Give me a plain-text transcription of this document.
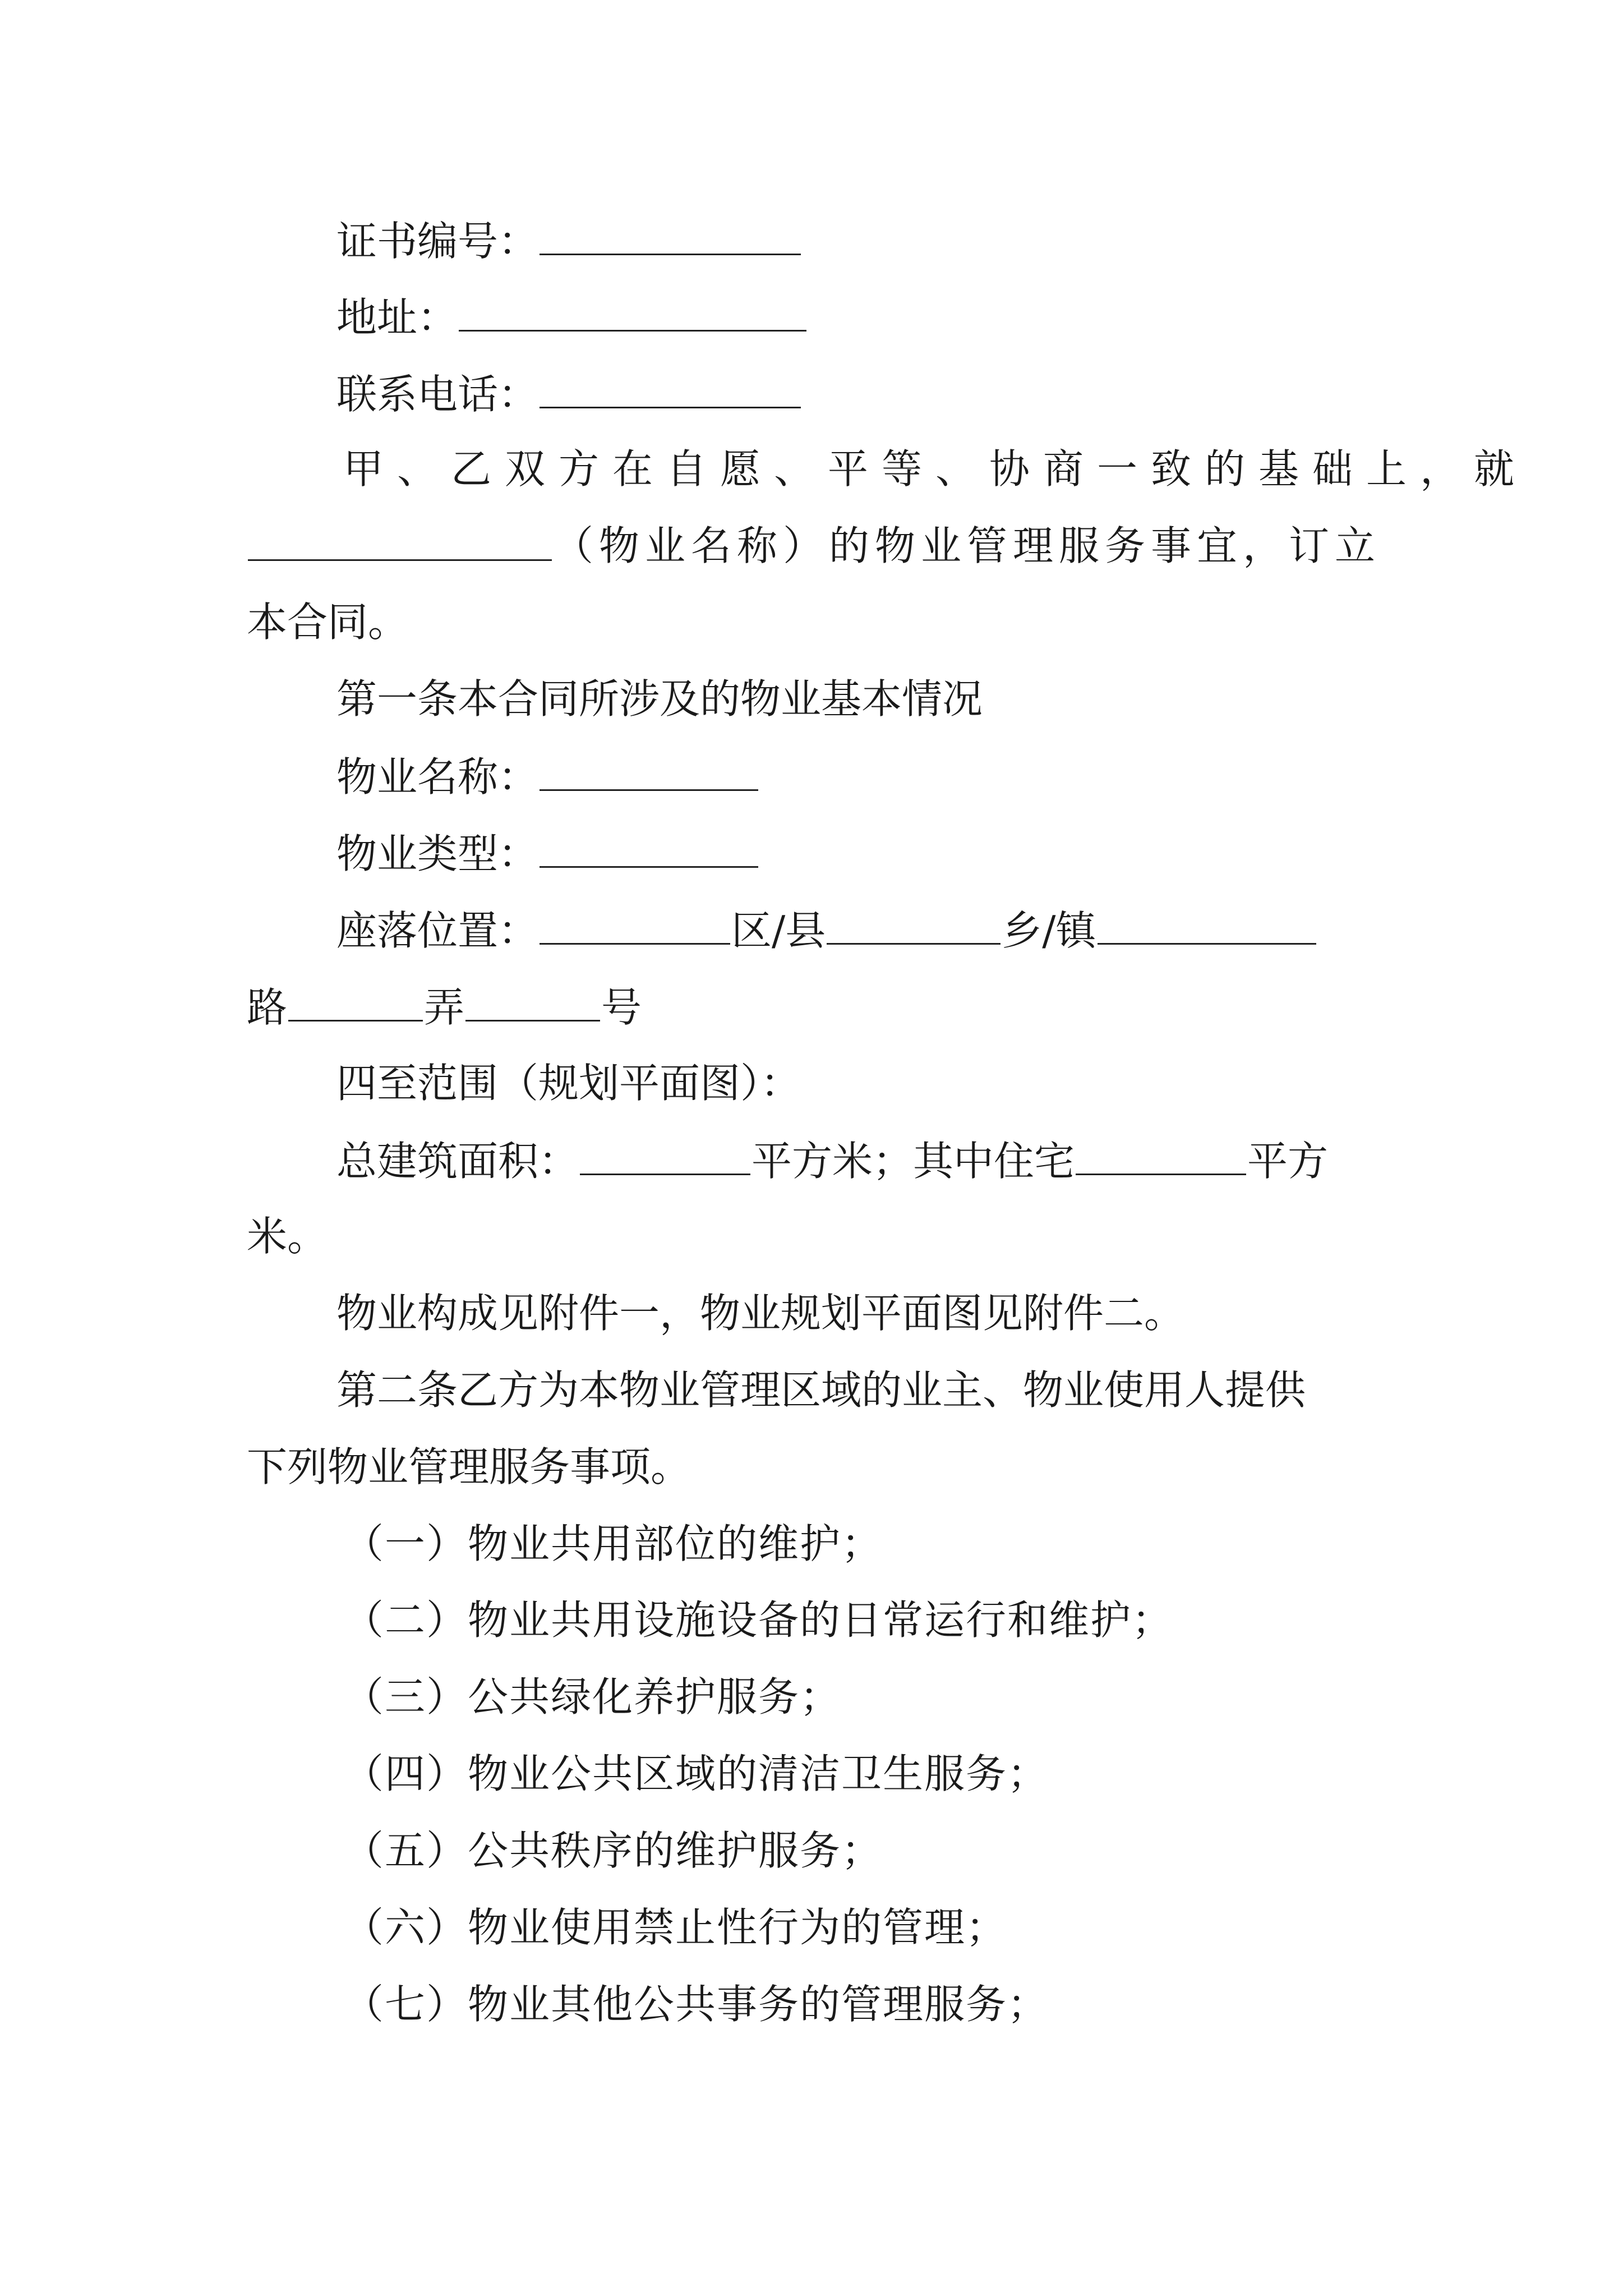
证书编号：
地址：
联系电话：
甲、乙双方在自愿、平等、协商一致的基础上，就
（物业名称）的物业管理服务事宜，订立
本合同。
第一条本合同所涉及的物业基本情况
物业名称：
物业类型：
座落位置：	区/县	乡/镇
路	弄	号
四至范围（规划平面图）：
总建筑面积：	平方米；其中住宅	平方
米。
物业构成见附件一，物业规划平面图见附件二。
第二条乙方为本物业管理区域的业主、物业使用人提供
下列物业管理服务事项。
（一）物业共用部位的维护；
（二）物业共用设施设备的日常运行和维护；
（三）公共绿化养护服务；
（四）物业公共区域的清洁卫生服务；
（五）公共秩序的维护服务；
（六）物业使用禁止性行为的管理；
（七）物业其他公共事务的管理服务；
